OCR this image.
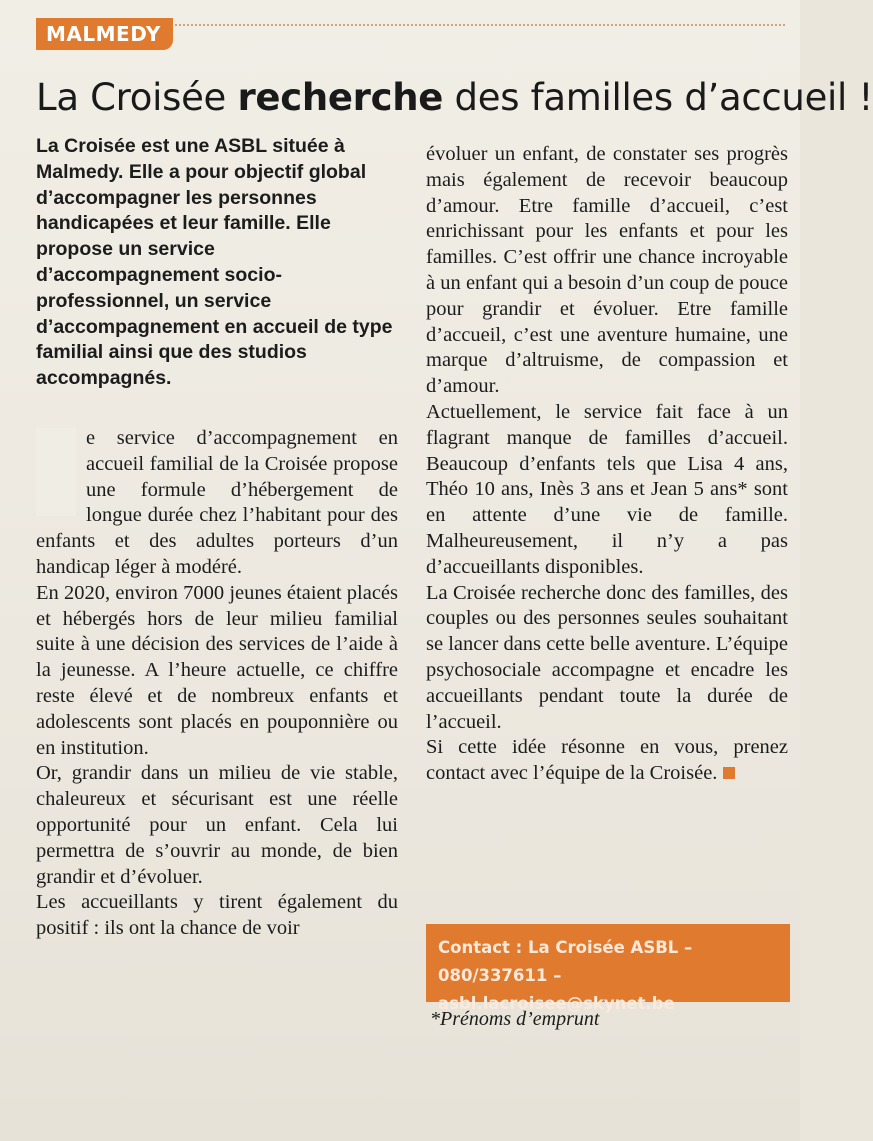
MALMEDY
La Croisée recherche des familles d’accueil !
La Croisée est une ASBL située à Malmedy. Elle a pour objectif global d’accompagner les personnes handicapées et leur famille. Elle propose un service d’accompagnement socio-professionnel, un service d’accompagnement en accueil de type familial ainsi que des studios accompagnés.

e service d’accompagnement en accueil familial de la Croisée propose une formule d’hébergement de longue durée chez l’habitant pour des enfants et des adultes porteurs d’un handicap léger à modéré.

En 2020, environ 7000 jeunes étaient placés et hébergés hors de leur milieu familial suite à une décision des services de l’aide à la jeunesse. A l’heure actuelle, ce chiffre reste élevé et de nombreux enfants et adolescents sont placés en pouponnière ou en institution.

Or, grandir dans un milieu de vie stable, chaleureux et sécurisant est une réelle opportunité pour un enfant. Cela lui permettra de s’ouvrir au monde, de bien grandir et d’évoluer.

Les accueillants y tirent également du positif : ils ont la chance de voir

évoluer un enfant, de constater ses progrès mais également de recevoir beaucoup d’amour. Etre famille d’accueil, c’est enrichissant pour les enfants et pour les familles. C’est offrir une chance incroyable à un enfant qui a besoin d’un coup de pouce pour grandir et évoluer. Etre famille d’accueil, c’est une aventure humaine, une marque d’altruisme, de compassion et d’amour.

Actuellement, le service fait face à un flagrant manque de familles d’accueil. Beaucoup d’enfants tels que Lisa 4 ans, Théo 10 ans, Inès 3 ans et Jean 5 ans* sont en attente d’une vie de famille. Malheureusement, il n’y a pas d’accueillants disponibles.

La Croisée recherche donc des familles, des couples ou des personnes seules souhaitant se lancer dans cette belle aventure. L’équipe psychosociale accompagne et encadre les accueillants pendant toute la durée de l’accueil.

Si cette idée résonne en vous, prenez contact avec l’équipe de la Croisée.

Contact : La Croisée ASBL – 080/337611 – asbl.lacroisee@skynet.be
*Prénoms d’emprunt
